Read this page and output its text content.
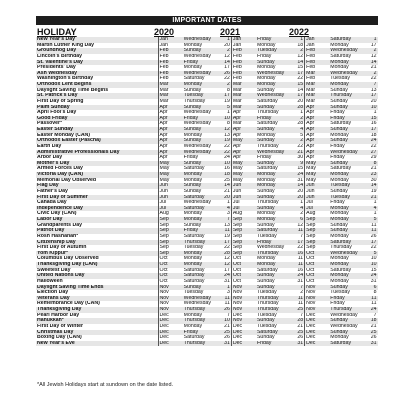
IMPORTANT DATES
HOLIDAY	2020	2021	2022
New Year's Day	Jan	Wednesday	1	Jan	Friday	1	Jan	Saturday	1
Martin Luther King Day	Jan	Monday	20	Jan	Monday	18	Jan	Monday	17
Groundhog Day	Feb	Sunday	2	Feb	Tuesday	2	Feb	Wednesday	2
Lincoln's Birthday	Feb	Wednesday	12	Feb	Friday	12	Feb	Saturday	12
St. Valentine's Day	Feb	Friday	14	Feb	Sunday	14	Feb	Monday	14
Presidents' Day	Feb	Monday	17	Feb	Monday	15	Feb	Monday	21
Ash Wednesday	Feb	Wednesday	26	Feb	Wednesday	17	Mar	Wednesday	2
Washington's Birthday	Feb	Saturday	22	Feb	Monday	22	Feb	Tuesday	22
Orthodox Lent Begins	Mar	Monday	2	Mar	Monday	15	Mar	Monday	7
Daylight Saving Time Begins	Mar	Sunday	8	Mar	Sunday	14	Mar	Sunday	13
St. Patrick's Day	Mar	Tuesday	17	Mar	Wednesday	17	Mar	Thursday	17
First Day of Spring	Mar	Thursday	19	Mar	Saturday	20	Mar	Sunday	20
Palm Sunday	Apr	Sunday	5	Mar	Sunday	28	Apr	Sunday	10
April Fool's Day	Apr	Wednesday	1	Apr	Thursday	1	Apr	Friday	1
Good Friday	Apr	Friday	10	Apr	Friday	2	Apr	Friday	15
Passover*	Apr	Wednesday	8	Mar	Saturday	28	Apr	Saturday	16
Easter Sunday	Apr	Sunday	12	Apr	Sunday	4	Apr	Sunday	17
Easter Monday (CAN)	Apr	Monday	13	Apr	Monday	5	Apr	Monday	18
Orthodox Easter (Pascha)	Apr	Sunday	19	May	Sunday	2	Apr	Sunday	24
Earth Day	Apr	Wednesday	22	Apr	Thursday	22	Apr	Friday	22
Administrative Professionals Day	Apr	Wednesday	22	Apr	Wednesday	21	Apr	Wednesday	27
Arbor Day	Apr	Friday	24	Apr	Friday	30	Apr	Friday	29
Mother's Day	May	Sunday	10	May	Sunday	9	May	Sunday	8
Armed Forces Day	May	Saturday	16	May	Saturday	15	May	Saturday	21
Victoria Day (CAN)	May	Monday	18	May	Monday	24	May	Monday	23
Memorial Day Observed	May	Monday	25	May	Monday	31	May	Monday	30
Flag Day	Jun	Sunday	14	Jun	Monday	14	Jun	Tuesday	14
Father's Day	Jun	Sunday	21	Jun	Sunday	20	Jun	Sunday	19
First Day of Summer	Jun	Saturday	20	Jun	Sunday	20	Jun	Tuesday	21
Canada Day	Jul	Wednesday	1	Jul	Thursday	1	Jul	Friday	1
Independence Day	Jul	Saturday	4	Jul	Sunday	4	Jul	Monday	4
Civic Day (CAN)	Aug	Monday	3	Aug	Monday	2	Aug	Monday	1
Labor Day	Sep	Monday	7	Sep	Monday	6	Sep	Monday	5
Grandparents Day	Sep	Sunday	13	Sep	Sunday	12	Sep	Sunday	11
Patriot Day	Sep	Friday	11	Sep	Saturday	11	Sep	Sunday	11
Rosh Hashanah*	Sep	Saturday	19	Sep	Tuesday	7	Sep	Monday	26
Citizenship Day	Sep	Thursday	17	Sep	Friday	17	Sep	Saturday	17
First Day of Autumn	Sep	Tuesday	22	Sep	Wednesday	22	Sep	Thursday	22
Yom Kippur*	Sep	Monday	28	Sep	Thursday	16	Oct	Wednesday	5
Columbus Day Observed	Oct	Monday	12	Oct	Monday	11	Oct	Monday	10
Thanksgiving Day (CAN)	Oct	Monday	12	Oct	Monday	11	Oct	Monday	10
Sweetest Day	Oct	Saturday	17	Oct	Saturday	16	Oct	Saturday	15
United Nations Day	Oct	Saturday	24	Oct	Sunday	24	Oct	Monday	24
Halloween	Oct	Saturday	31	Oct	Sunday	31	Oct	Monday	31
Daylight Saving Time Ends	Nov	Sunday	1	Nov	Sunday	7	Nov	Sunday	6
Election Day	Nov	Tuesday	3	Nov	Tuesday	2	Nov	Tuesday	8
Veterans Day	Nov	Wednesday	11	Nov	Thursday	11	Nov	Friday	11
Remembrance Day (CAN)	Nov	Wednesday	11	Nov	Thursday	11	Nov	Friday	11
Thanksgiving Day	Nov	Thursday	26	Nov	Thursday	25	Nov	Thursday	24
Pearl Harbor Day	Dec	Monday	7	Dec	Tuesday	7	Dec	Wednesday	7
Hanukkah*	Dec	Thursday	10	Nov	Sunday	28	Dec	Sunday	18
First Day of Winter	Dec	Monday	21	Dec	Tuesday	21	Dec	Wednesday	21
Christmas Day	Dec	Friday	25	Dec	Saturday	25	Dec	Sunday	25
Boxing Day (CAN)	Dec	Saturday	26	Dec	Sunday	26	Dec	Monday	26
New Year's Eve	Dec	Thursday	31	Dec	Friday	31	Dec	Saturday	31
*All Jewish Holidays start at sundown on the date listed.
